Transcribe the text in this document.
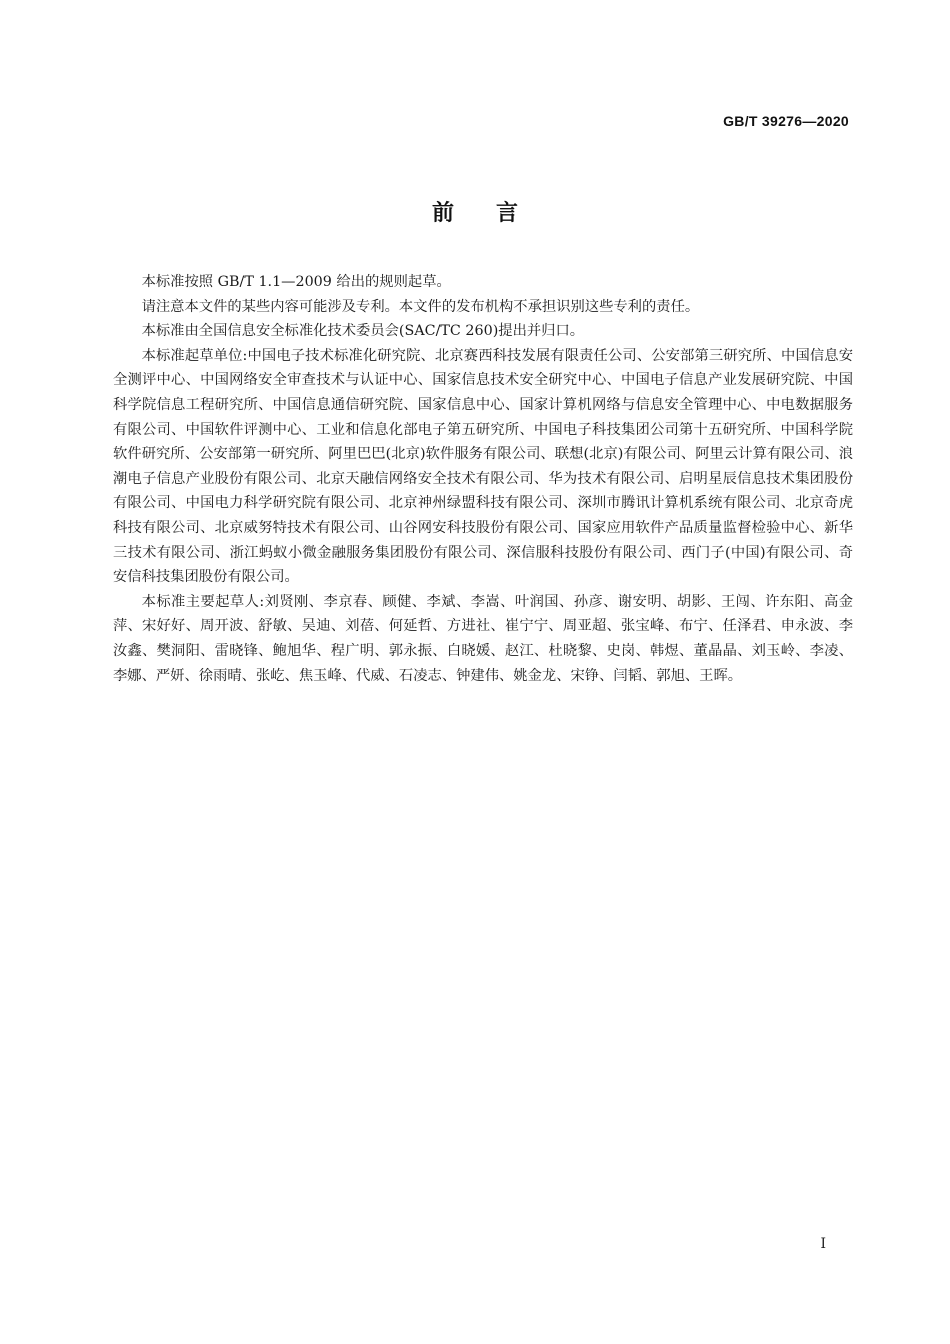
GB/T 39276—2020
前言

本标准按照 GB/T 1.1—2009 给出的规则起草。

请注意本文件的某些内容可能涉及专利。本文件的发布机构不承担识别这些专利的责任。

本标准由全国信息安全标准化技术委员会(SAC/TC 260)提出并归口。

本标准起草单位:中国电子技术标准化研究院、北京赛西科技发展有限责任公司、公安部第三研究所、中国信息安全测评中心、中国网络安全审查技术与认证中心、国家信息技术安全研究中心、中国电子信息产业发展研究院、中国科学院信息工程研究所、中国信息通信研究院、国家信息中心、国家计算机网络与信息安全管理中心、中电数据服务有限公司、中国软件评测中心、工业和信息化部电子第五研究所、中国电子科技集团公司第十五研究所、中国科学院软件研究所、公安部第一研究所、阿里巴巴(北京)软件服务有限公司、联想(北京)有限公司、阿里云计算有限公司、浪潮电子信息产业股份有限公司、北京天融信网络安全技术有限公司、华为技术有限公司、启明星辰信息技术集团股份有限公司、中国电力科学研究院有限公司、北京神州绿盟科技有限公司、深圳市腾讯计算机系统有限公司、北京奇虎科技有限公司、北京威努特技术有限公司、山谷网安科技股份有限公司、国家应用软件产品质量监督检验中心、新华三技术有限公司、浙江蚂蚁小微金融服务集团股份有限公司、深信服科技股份有限公司、西门子(中国)有限公司、奇安信科技集团股份有限公司。

本标准主要起草人:刘贤刚、李京春、顾健、李斌、李嵩、叶润国、孙彦、谢安明、胡影、王闯、许东阳、高金萍、宋好好、周开波、舒敏、吴迪、刘蓓、何延哲、方进社、崔宁宁、周亚超、张宝峰、布宁、任泽君、申永波、李汝鑫、樊洞阳、雷晓锋、鲍旭华、程广明、郭永振、白晓媛、赵江、杜晓黎、史岗、韩煜、董晶晶、刘玉岭、李凌、李娜、严妍、徐雨晴、张屹、焦玉峰、代威、石凌志、钟建伟、姚金龙、宋铮、闫韬、郭旭、王晖。

I
